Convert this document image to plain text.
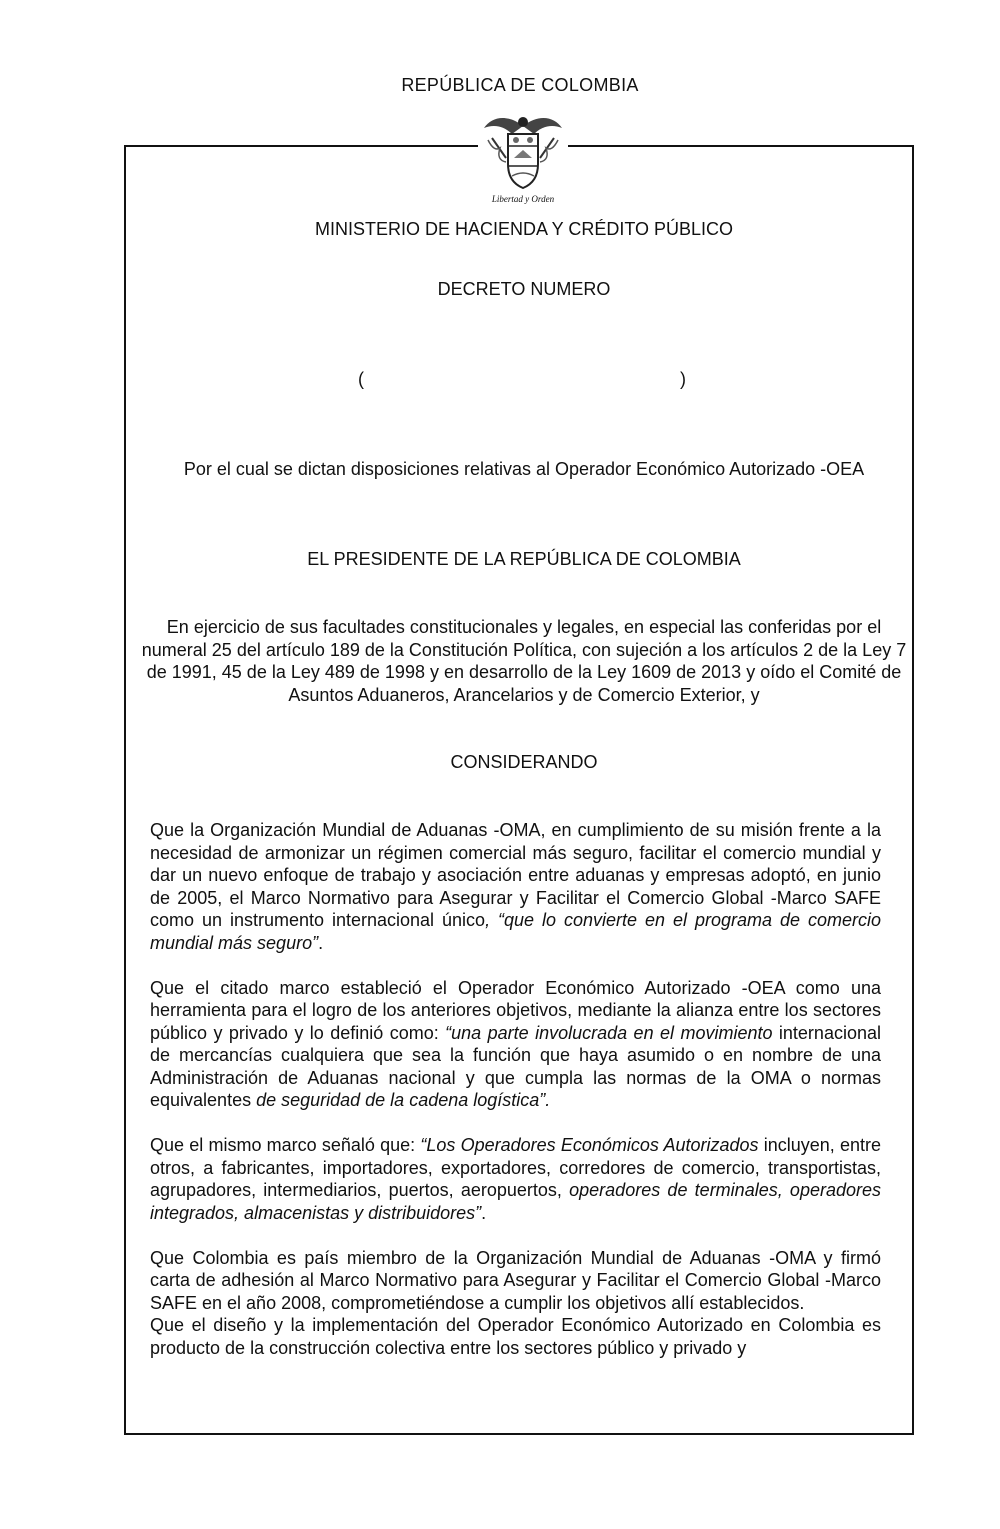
REPÚBLICA DE COLOMBIA
Libertad y Orden
MINISTERIO DE HACIENDA Y CRÉDITO PÚBLICO
DECRETO NUMERO
(	)
Por el cual se dictan disposiciones relativas al Operador Económico Autorizado -OEA
EL PRESIDENTE DE LA REPÚBLICA DE COLOMBIA
En ejercicio de sus facultades constitucionales y legales, en especial las conferidas por el numeral 25 del artículo 189 de la Constitución Política, con sujeción a los artículos 2 de la Ley 7 de 1991, 45 de la Ley 489 de 1998 y en desarrollo de la Ley 1609 de 2013 y oído el Comité de Asuntos Aduaneros, Arancelarios y de Comercio Exterior, y
CONSIDERANDO

Que la Organización Mundial de Aduanas -OMA, en cumplimiento de su misión frente a la necesidad de armonizar un régimen comercial más seguro, facilitar el comercio mundial y dar un nuevo enfoque de trabajo y asociación entre aduanas y empresas adoptó, en junio de 2005, el Marco Normativo para Asegurar y Facilitar el Comercio Global -Marco SAFE como un instrumento internacional único, “que lo convierte en el programa de comercio mundial más seguro”.

Que el citado marco estableció el Operador Económico Autorizado -OEA como una herramienta para el logro de los anteriores objetivos, mediante la alianza entre los sectores público y privado y lo definió como: “una parte involucrada en el movimiento internacional de mercancías cualquiera que sea la función que haya asumido o en nombre de una Administración de Aduanas nacional y que cumpla las normas de la OMA o normas equivalentes de seguridad de la cadena logística”.

Que el mismo marco señaló que: “Los Operadores Económicos Autorizados incluyen, entre otros, a fabricantes, importadores, exportadores, corredores de comercio, transportistas, agrupadores, intermediarios, puertos, aeropuertos, operadores de terminales, operadores integrados, almacenistas y distribuidores”.

Que Colombia es país miembro de la Organización Mundial de Aduanas -OMA y firmó carta de adhesión al Marco Normativo para Asegurar y Facilitar el Comercio Global -Marco SAFE en el año 2008, comprometiéndose a cumplir los objetivos allí establecidos.

Que el diseño y la implementación del Operador Económico Autorizado en Colombia es producto de la construcción colectiva entre los sectores público y privado y
